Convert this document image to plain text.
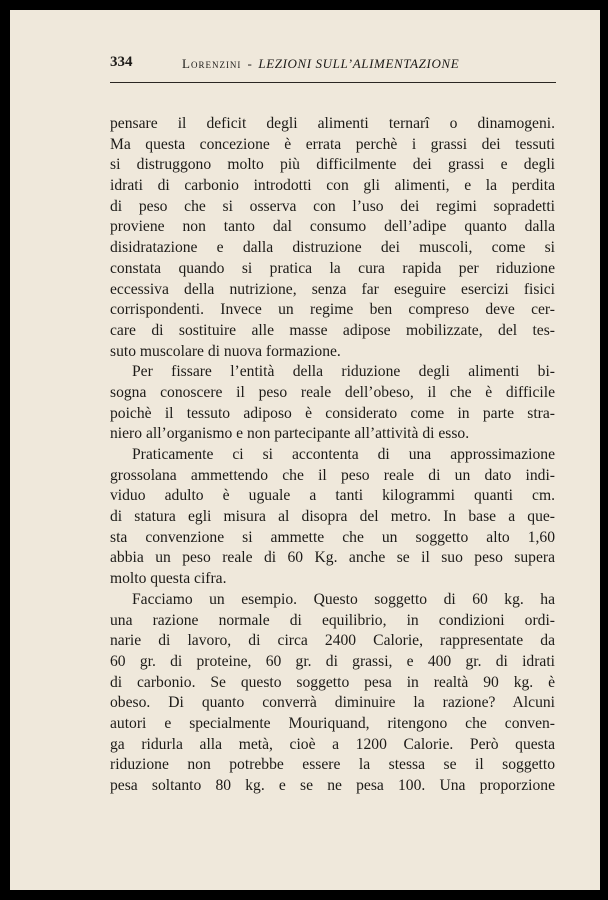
334	Lorenzini - LEZIONI SULL’ALIMENTAZIONE
pensare il deficit degli alimenti ternarî o dinamogeni.
Ma questa concezione è errata perchè i grassi dei tessuti
si distruggono molto più difficilmente dei grassi e degli
idrati di carbonio introdotti con gli alimenti, e la perdita
di peso che si osserva con l’uso dei regimi sopradetti
proviene non tanto dal consumo dell’adipe quanto dalla
disidratazione e dalla distruzione dei muscoli, come si
constata quando si pratica la cura rapida per riduzione
eccessiva della nutrizione, senza far eseguire esercizi fisici
corrispondenti. Invece un regime ben compreso deve cer-
care di sostituire alle masse adipose mobilizzate, del tes-
suto muscolare di nuova formazione.
Per fissare l’entità della riduzione degli alimenti bi-
sogna conoscere il peso reale dell’obeso, il che è difficile
poichè il tessuto adiposo è considerato come in parte stra-
niero all’organismo e non partecipante all’attività di esso.
Praticamente ci si accontenta di una approssimazione
grossolana ammettendo che il peso reale di un dato indi-
viduo adulto è uguale a tanti kilogrammi quanti cm.
di statura egli misura al disopra del metro. In base a que-
sta convenzione si ammette che un soggetto alto 1,60
abbia un peso reale di 60 Kg. anche se il suo peso supera
molto questa cifra.
Facciamo un esempio. Questo soggetto di 60 kg. ha
una razione normale di equilibrio, in condizioni ordi-
narie di lavoro, di circa 2400 Calorie, rappresentate da
60 gr. di proteine, 60 gr. di grassi, e 400 gr. di idrati
di carbonio. Se questo soggetto pesa in realtà 90 kg. è
obeso. Di quanto converrà diminuire la razione? Alcuni
autori e specialmente Mouriquand, ritengono che conven-
ga ridurla alla metà, cioè a 1200 Calorie. Però questa
riduzione non potrebbe essere la stessa se il soggetto
pesa soltanto 80 kg. e se ne pesa 100. Una proporzione
